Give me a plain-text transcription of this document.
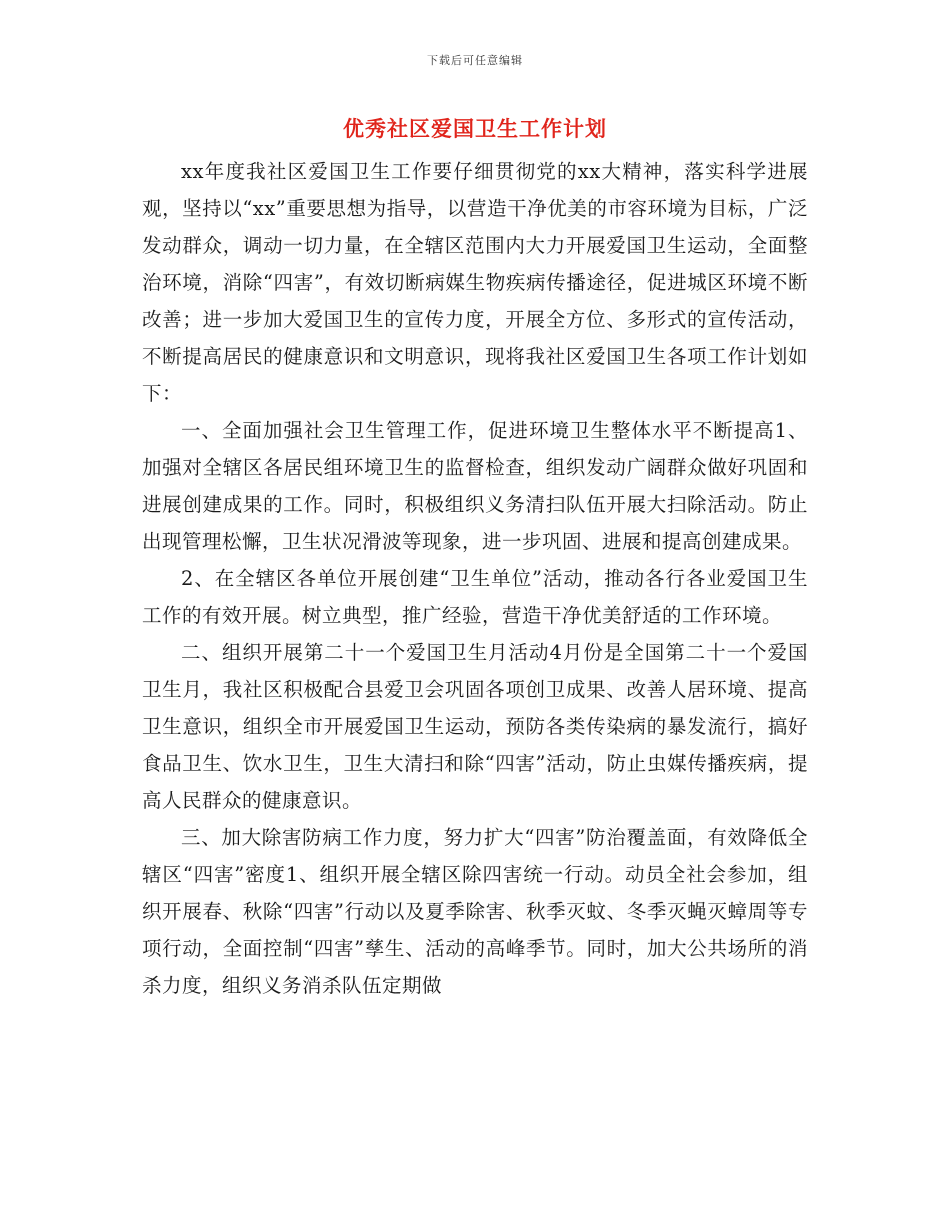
下载后可任意编辑
优秀社区爱国卫生工作计划

xx年度我社区爱国卫生工作要仔细贯彻党的xx大精神，落实科学进展观，坚持以“xx”重要思想为指导，以营造干净优美的市容环境为目标，广泛发动群众，调动一切力量，在全辖区范围内大力开展爱国卫生运动，全面整治环境，消除“四害”，有效切断病媒生物疾病传播途径，促进城区环境不断改善；进一步加大爱国卫生的宣传力度，开展全方位、多形式的宣传活动，不断提高居民的健康意识和文明意识，现将我社区爱国卫生各项工作计划如下：

一、全面加强社会卫生管理工作，促进环境卫生整体水平不断提高1、加强对全辖区各居民组环境卫生的监督检查，组织发动广阔群众做好巩固和进展创建成果的工作。同时，积极组织义务清扫队伍开展大扫除活动。防止出现管理松懈，卫生状况滑波等现象，进一步巩固、进展和提高创建成果。

2、在全辖区各单位开展创建“卫生单位”活动，推动各行各业爱国卫生工作的有效开展。树立典型，推广经验，营造干净优美舒适的工作环境。

二、组织开展第二十一个爱国卫生月活动4月份是全国第二十一个爱国卫生月，我社区积极配合县爱卫会巩固各项创卫成果、改善人居环境、提高卫生意识，组织全市开展爱国卫生运动，预防各类传染病的暴发流行，搞好食品卫生、饮水卫生，卫生大清扫和除“四害”活动，防止虫媒传播疾病，提高人民群众的健康意识。

三、加大除害防病工作力度，努力扩大“四害”防治覆盖面，有效降低全辖区“四害”密度1、组织开展全辖区除四害统一行动。动员全社会参加，组织开展春、秋除“四害”行动以及夏季除害、秋季灭蚊、冬季灭蝇灭蟑周等专项行动，全面控制“四害”孳生、活动的高峰季节。同时，加大公共场所的消杀力度，组织义务消杀队伍定期做
